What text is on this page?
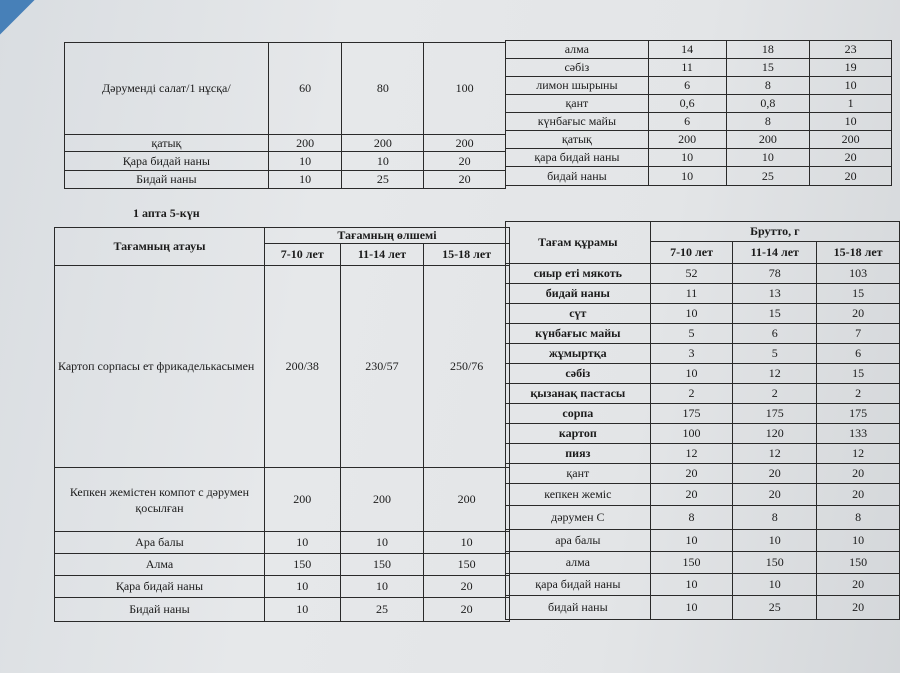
Дәруменді салат/1 нұсқа/	60	80	100
қатық	200	200	200
Қара бидай наны	10	10	20
Бидай наны	10	25	20
алма	14	18	23
сәбіз	11	15	19
лимон шырыны	6	8	10
қант	0,6	0,8	1
күнбағыс майы	6	8	10
қатық	200	200	200
қара бидай наны	10	10	20
бидай наны	10	25	20
1 апта 5-күн
Тағамның атауы	Тағамның өлшемі		
	7-10 лет	11-14 лет	15-18 лет
Картоп сорпасы ет фрикаделькасымен	200/38	230/57	250/76
Кепкен жемістен компот с дәрумен қосылған	200	200	200
Ара балы	10	10	10
Алма	150	150	150
Қара бидай наны	10	10	20
Бидай наны	10	25	20
Тағам құрамы	Брутто, г		
	7-10 лет	11-14 лет	15-18 лет
сиыр еті мякоть	52	78	103
бидай наны	11	13	15
сүт	10	15	20
күнбағыс майы	5	6	7
жұмыртқа	3	5	6
сәбіз	10	12	15
қызанақ пастасы	2	2	2
сорпа	175	175	175
картоп	100	120	133
пияз	12	12	12
қант	20	20	20
кепкен жеміс	20	20	20
дәрумен С	8	8	8
ара балы	10	10	10
алма	150	150	150
қара бидай наны	10	10	20
бидай наны	10	25	20
